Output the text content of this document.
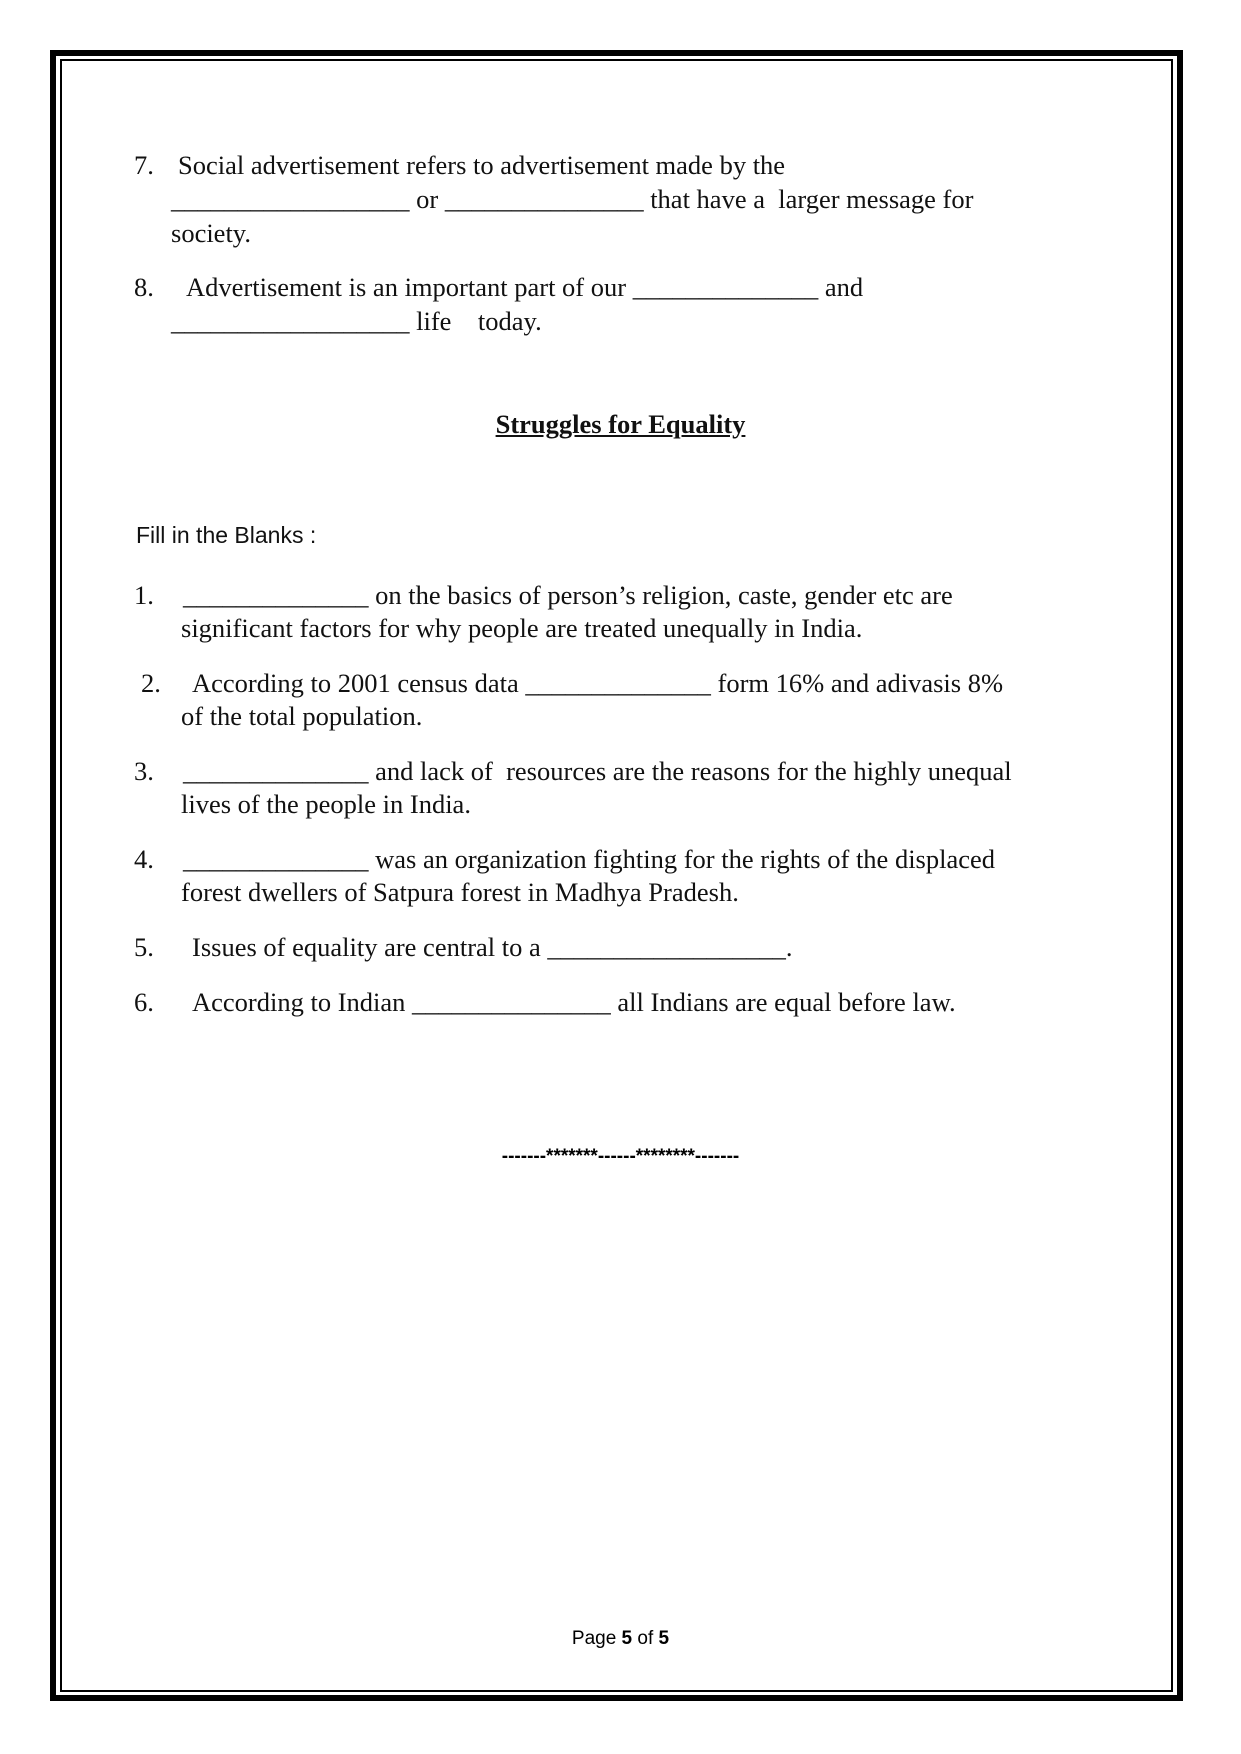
7. Social advertisement refers to advertisement made by the
__________________ or _______________ that have a  larger message for
society.
8. Advertisement is an important part of our ______________ and
__________________ life    today.
Struggles for Equality
Fill in the Blanks :
1. ______________ on the basics of person’s religion, caste, gender etc are
significant factors for why people are treated unequally in India.
2. According to 2001 census data ______________ form 16% and adivasis 8%
of the total population.
3. ______________ and lack of  resources are the reasons for the highly unequal
lives of the people in India.
4. ______________ was an organization fighting for the rights of the displaced
forest dwellers of Satpura forest in Madhya Pradesh.
5. Issues of equality are central to a __________________.
6. According to Indian _______________ all Indians are equal before law.
-------*******------********-------
Page 5 of 5
